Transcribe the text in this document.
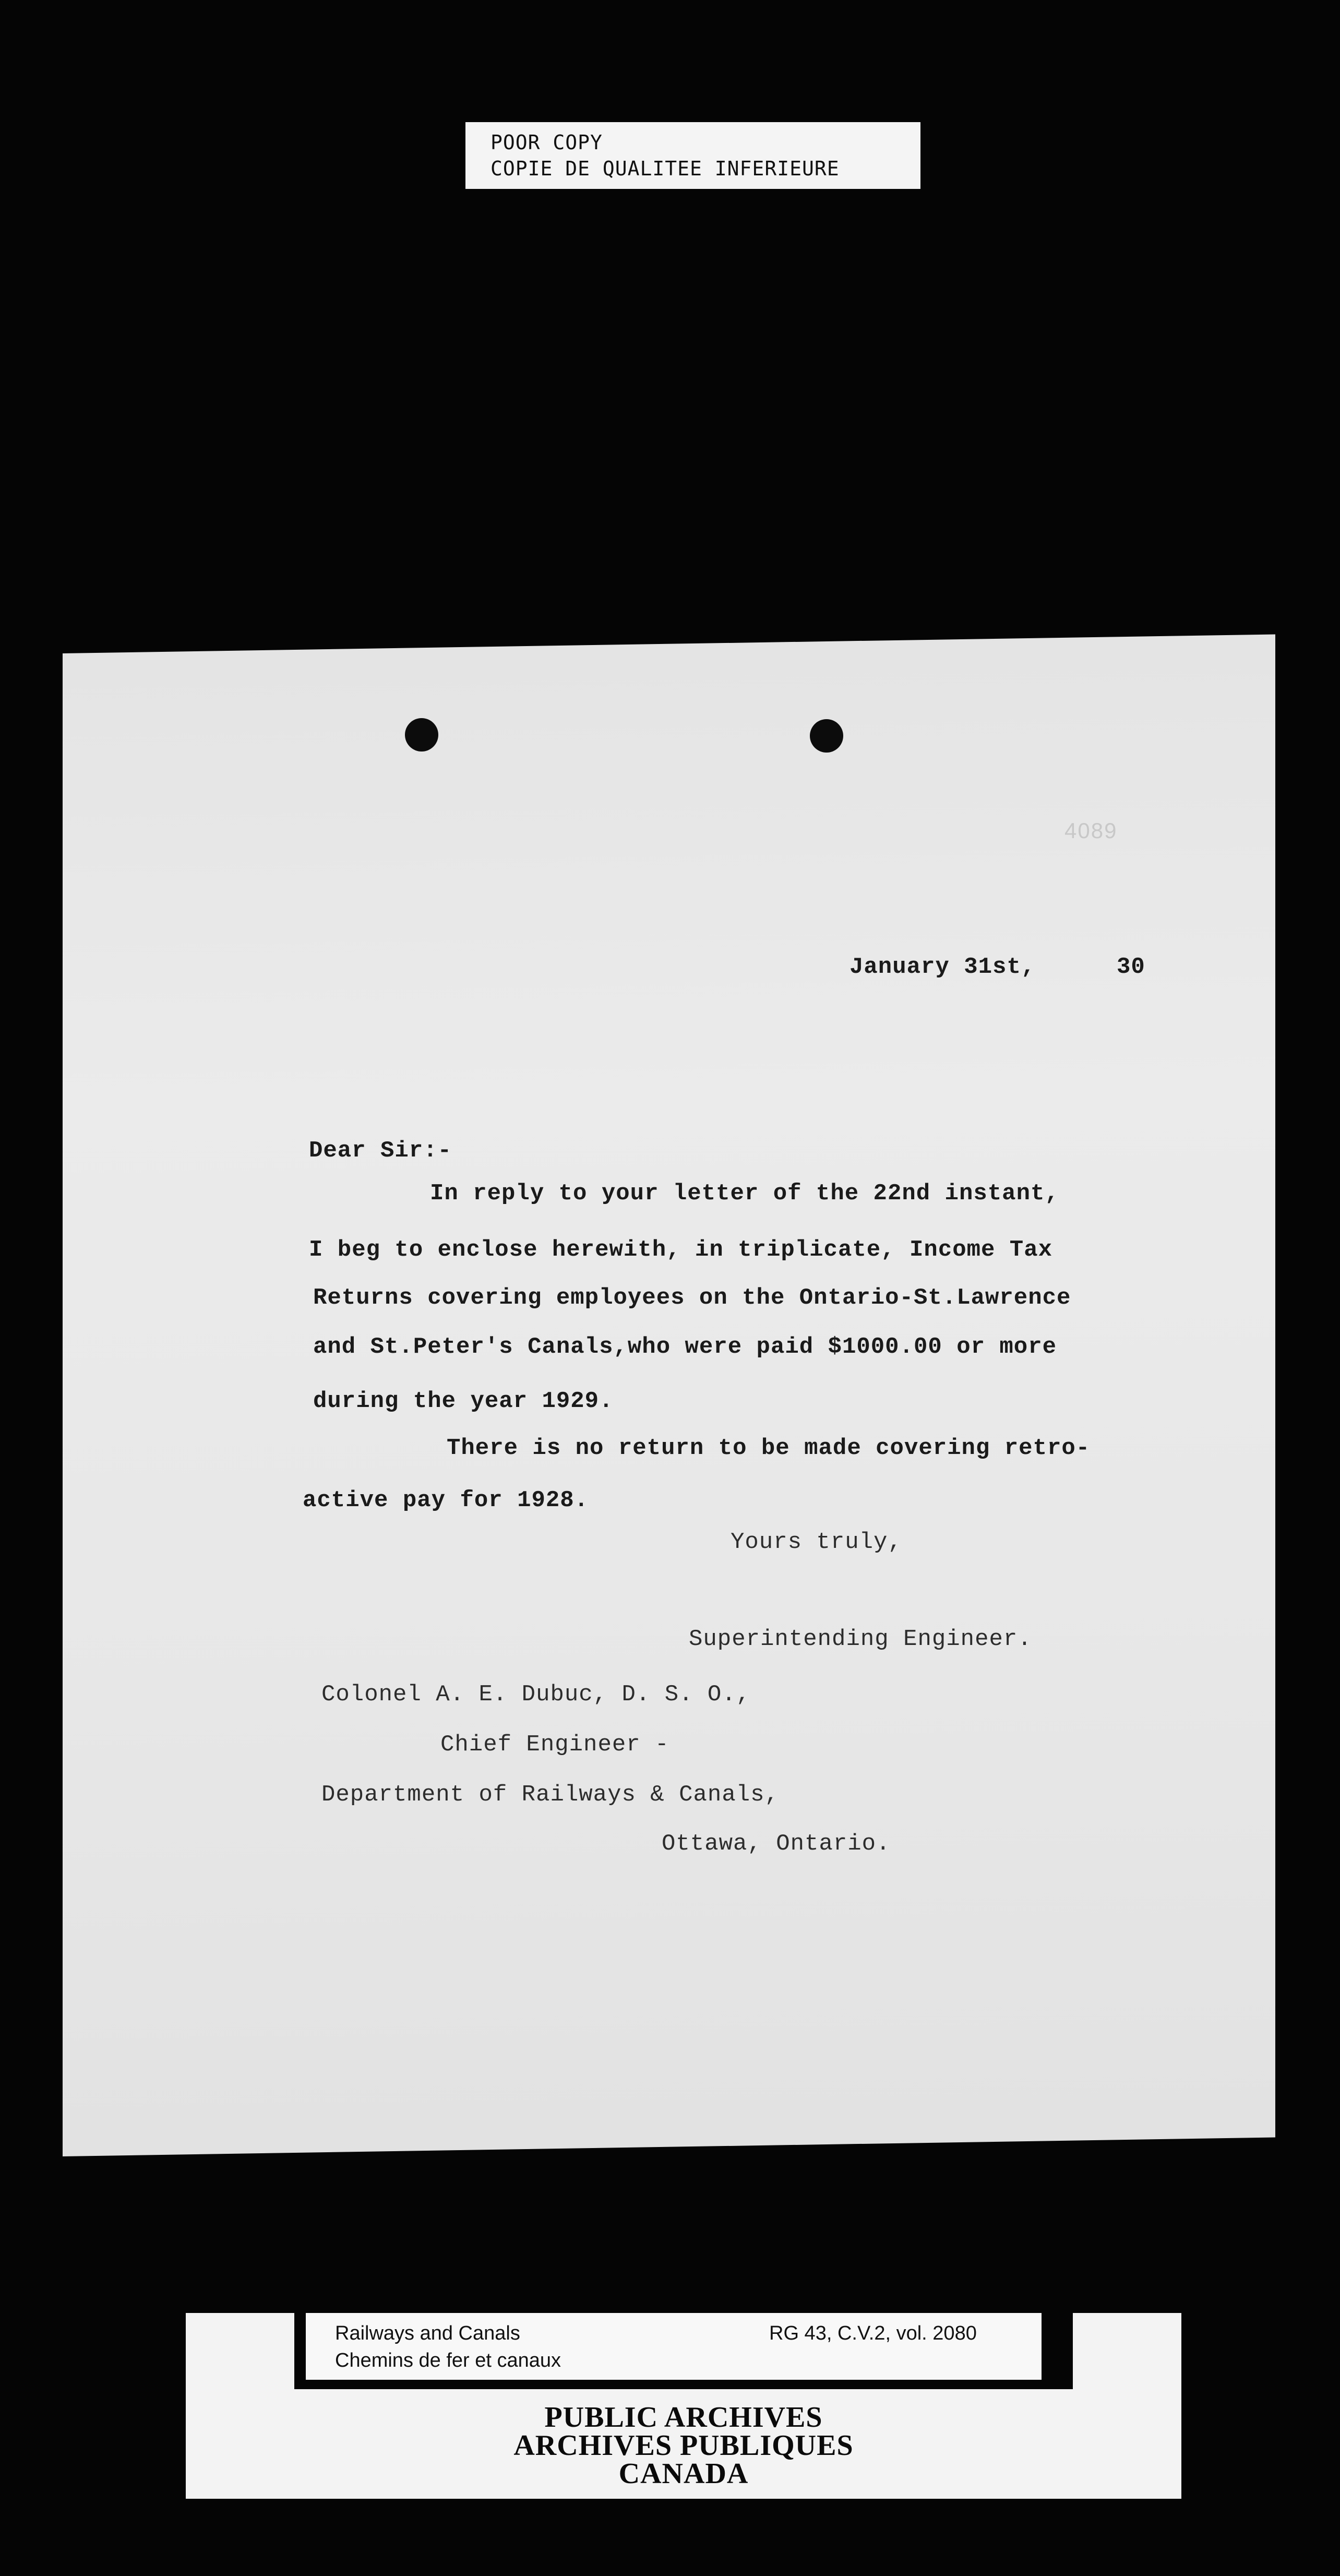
POOR COPY
COPIE DE QUALITEE INFERIEURE
4089
January 31st,	30
Dear Sir:-
In reply to your letter of the 22nd instant,
I beg to enclose herewith, in triplicate, Income Tax
Returns covering employees on the Ontario-St.Lawrence
and St.Peter's Canals,who were paid $1000.00 or more
during the year 1929.
There is no return to be made covering retro-
active pay for 1928.
Yours truly,
Superintending Engineer.
Colonel A. E. Dubuc, D. S. O.,
Chief Engineer -
Department of Railways & Canals,
Ottawa, Ontario.
Railways and Canals
Chemins de fer et canaux
RG 43, C.V.2, vol. 2080
PUBLIC ARCHIVES
ARCHIVES PUBLIQUES
CANADA
